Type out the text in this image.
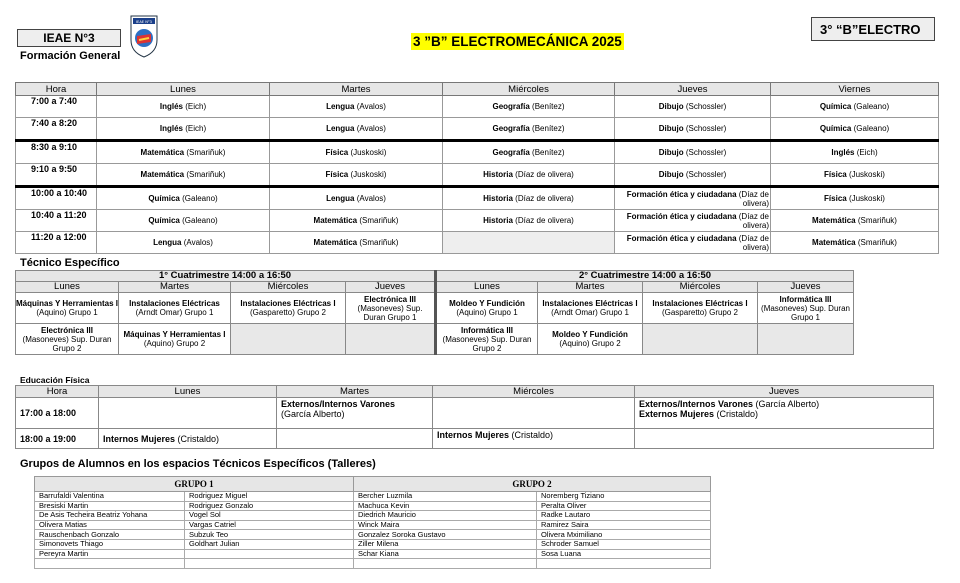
IEAE N°3
Formación General
IEAE N°3
3 ”B” ELECTROMECÁNICA 2025
3° “B”ELECTRO
Hora	Lunes	Martes	Miércoles	Jueves	Viernes
7:00 a 7:40	Inglés (Eich)	Lengua (Avalos)	Geografía (Benítez)	Dibujo (Schossler)	Química (Galeano)
7:40 a 8:20	Inglés (Eich)	Lengua (Avalos)	Geografía (Benítez)	Dibujo (Schossler)	Química (Galeano)
8:30 a 9:10	Matemática (Smariñuk)	Física (Juskoski)	Geografía (Benítez)	Dibujo (Schossler)	Inglés (Eich)
9:10 a 9:50	Matemática (Smariñuk)	Física (Juskoski)	Historia (Díaz de olivera)	Dibujo (Schossler)	Física (Juskoski)
10:00 a 10:40	Química (Galeano)	Lengua (Avalos)	Historia (Díaz de olivera)	Formación ética y ciudadana (Díaz de olivera)	Física (Juskoski)
10:40 a 11:20	Química (Galeano)	Matemática (Smariñuk)	Historia (Díaz de olivera)	Formación ética y ciudadana (Díaz de olivera)	Matemática (Smariñuk)
11:20 a 12:00	Lengua (Avalos)	Matemática (Smariñuk)		Formación ética y ciudadana (Díaz de olivera)	Matemática (Smariñuk)
Técnico Específico
1° Cuatrimestre 14:00 a 16:50				2° Cuatrimestre 14:00 a 16:50			
Lunes	Martes	Miércoles	Jueves	Lunes	Martes	Miércoles	Jueves
Máquinas Y Herramientas I
(Aquino) Grupo 1	Instalaciones Eléctricas
(Arndt Omar) Grupo 1	Instalaciones Eléctricas I
(Gasparetto) Grupo 2	Electrónica III
(Masoneves) Sup. Duran Grupo 1	Moldeo Y Fundición
(Aquino) Grupo 1	Instalaciones Eléctricas I
(Arndt Omar) Grupo 1	Instalaciones Eléctricas I
(Gasparetto) Grupo 2	Informática III
(Masoneves) Sup. Duran Grupo 1
Electrónica III
(Masoneves) Sup. Duran Grupo 2	Máquinas Y Herramientas I
(Aquino) Grupo 2			Informática III
(Masoneves) Sup. Duran Grupo 2	Moldeo Y Fundición
(Aquino) Grupo 2	

Educación Física
Hora	Lunes	Martes	Miércoles	Jueves
17:00 a 18:00		Externos/Internos Varones
(García Alberto)		Externos/Internos Varones (García Alberto)
Externos Mujeres (Cristaldo)
18:00 a 19:00	Internos Mujeres (Cristaldo)		Internos Mujeres (Cristaldo)	
Grupos de Alumnos en los espacios Técnicos Específicos (Talleres)
GRUPO 1		GRUPO 2	
Barrufaldi Valentina	Rodriguez Miguel	Bercher Luzmila	Noremberg Tiziano
Bresiski Martin	Rodriguez Gonzalo	Machuca Kevin	Peralta Oliver
De Asis Techeira Beatriz Yohana	Vogel Sol	Diedrich Mauricio	Radke Lautaro
Olivera Matias	Vargas Catriel	Winck Maira	Ramirez Saira
Rauschenbach Gonzalo	Subzuk Teo	Gonzalez Soroka Gustavo	Olivera Mximiliano
Simonovets Thiago	Goldhart Julian	Ziller Milena	Schroder Samuel
Pereyra Martin		Schar Kiana	Sosa Luana
